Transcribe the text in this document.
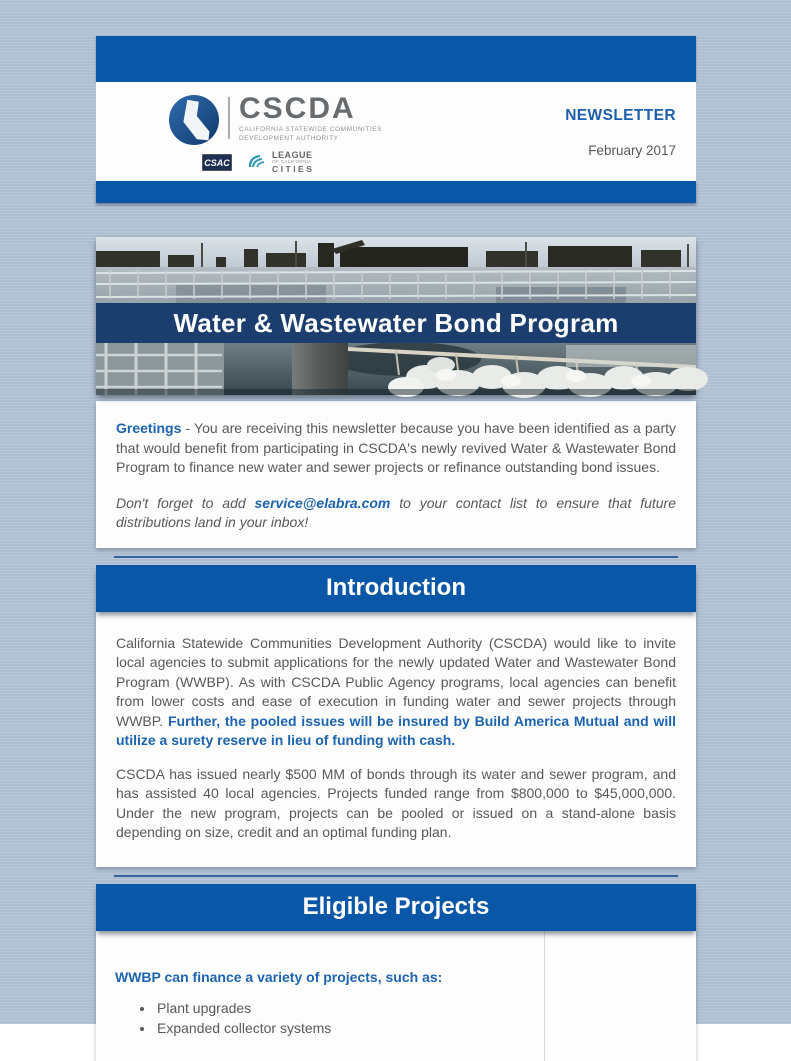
CSCDA
CALIFORNIA STATEWIDE COMMUNITIES
DEVELOPMENT AUTHORITY
CSAC
LEAGUE
OF CALIFORNIA
CITIES
NEWSLETTER
February 2017
Water & Wastewater Bond Program

Greetings - You are receiving this newsletter because you have been identified as a party that would benefit from participating in CSCDA's newly revived Water & Wastewater Bond Program to finance new water and sewer projects or refinance outstanding bond issues.

Don't forget to add service@elabra.com to your contact list to ensure that future distributions land in your inbox!

Introduction

California Statewide Communities Development Authority (CSCDA) would like to invite local agencies to submit applications for the newly updated Water and Wastewater Bond Program (WWBP). As with CSCDA Public Agency programs, local agencies can benefit from lower costs and ease of execution in funding water and sewer projects through WWBP. Further, the pooled issues will be insured by Build America Mutual and will utilize a surety reserve in lieu of funding with cash.

CSCDA has issued nearly $500 MM of bonds through its water and sewer program, and has assisted 40 local agencies. Projects funded range from $800,000 to $45,000,000. Under the new program, projects can be pooled or issued on a stand-alone basis depending on size, credit and an optimal funding plan.

Eligible Projects

WWBP can finance a variety of projects, such as:

• Plant upgrades
• Expanded collector systems
